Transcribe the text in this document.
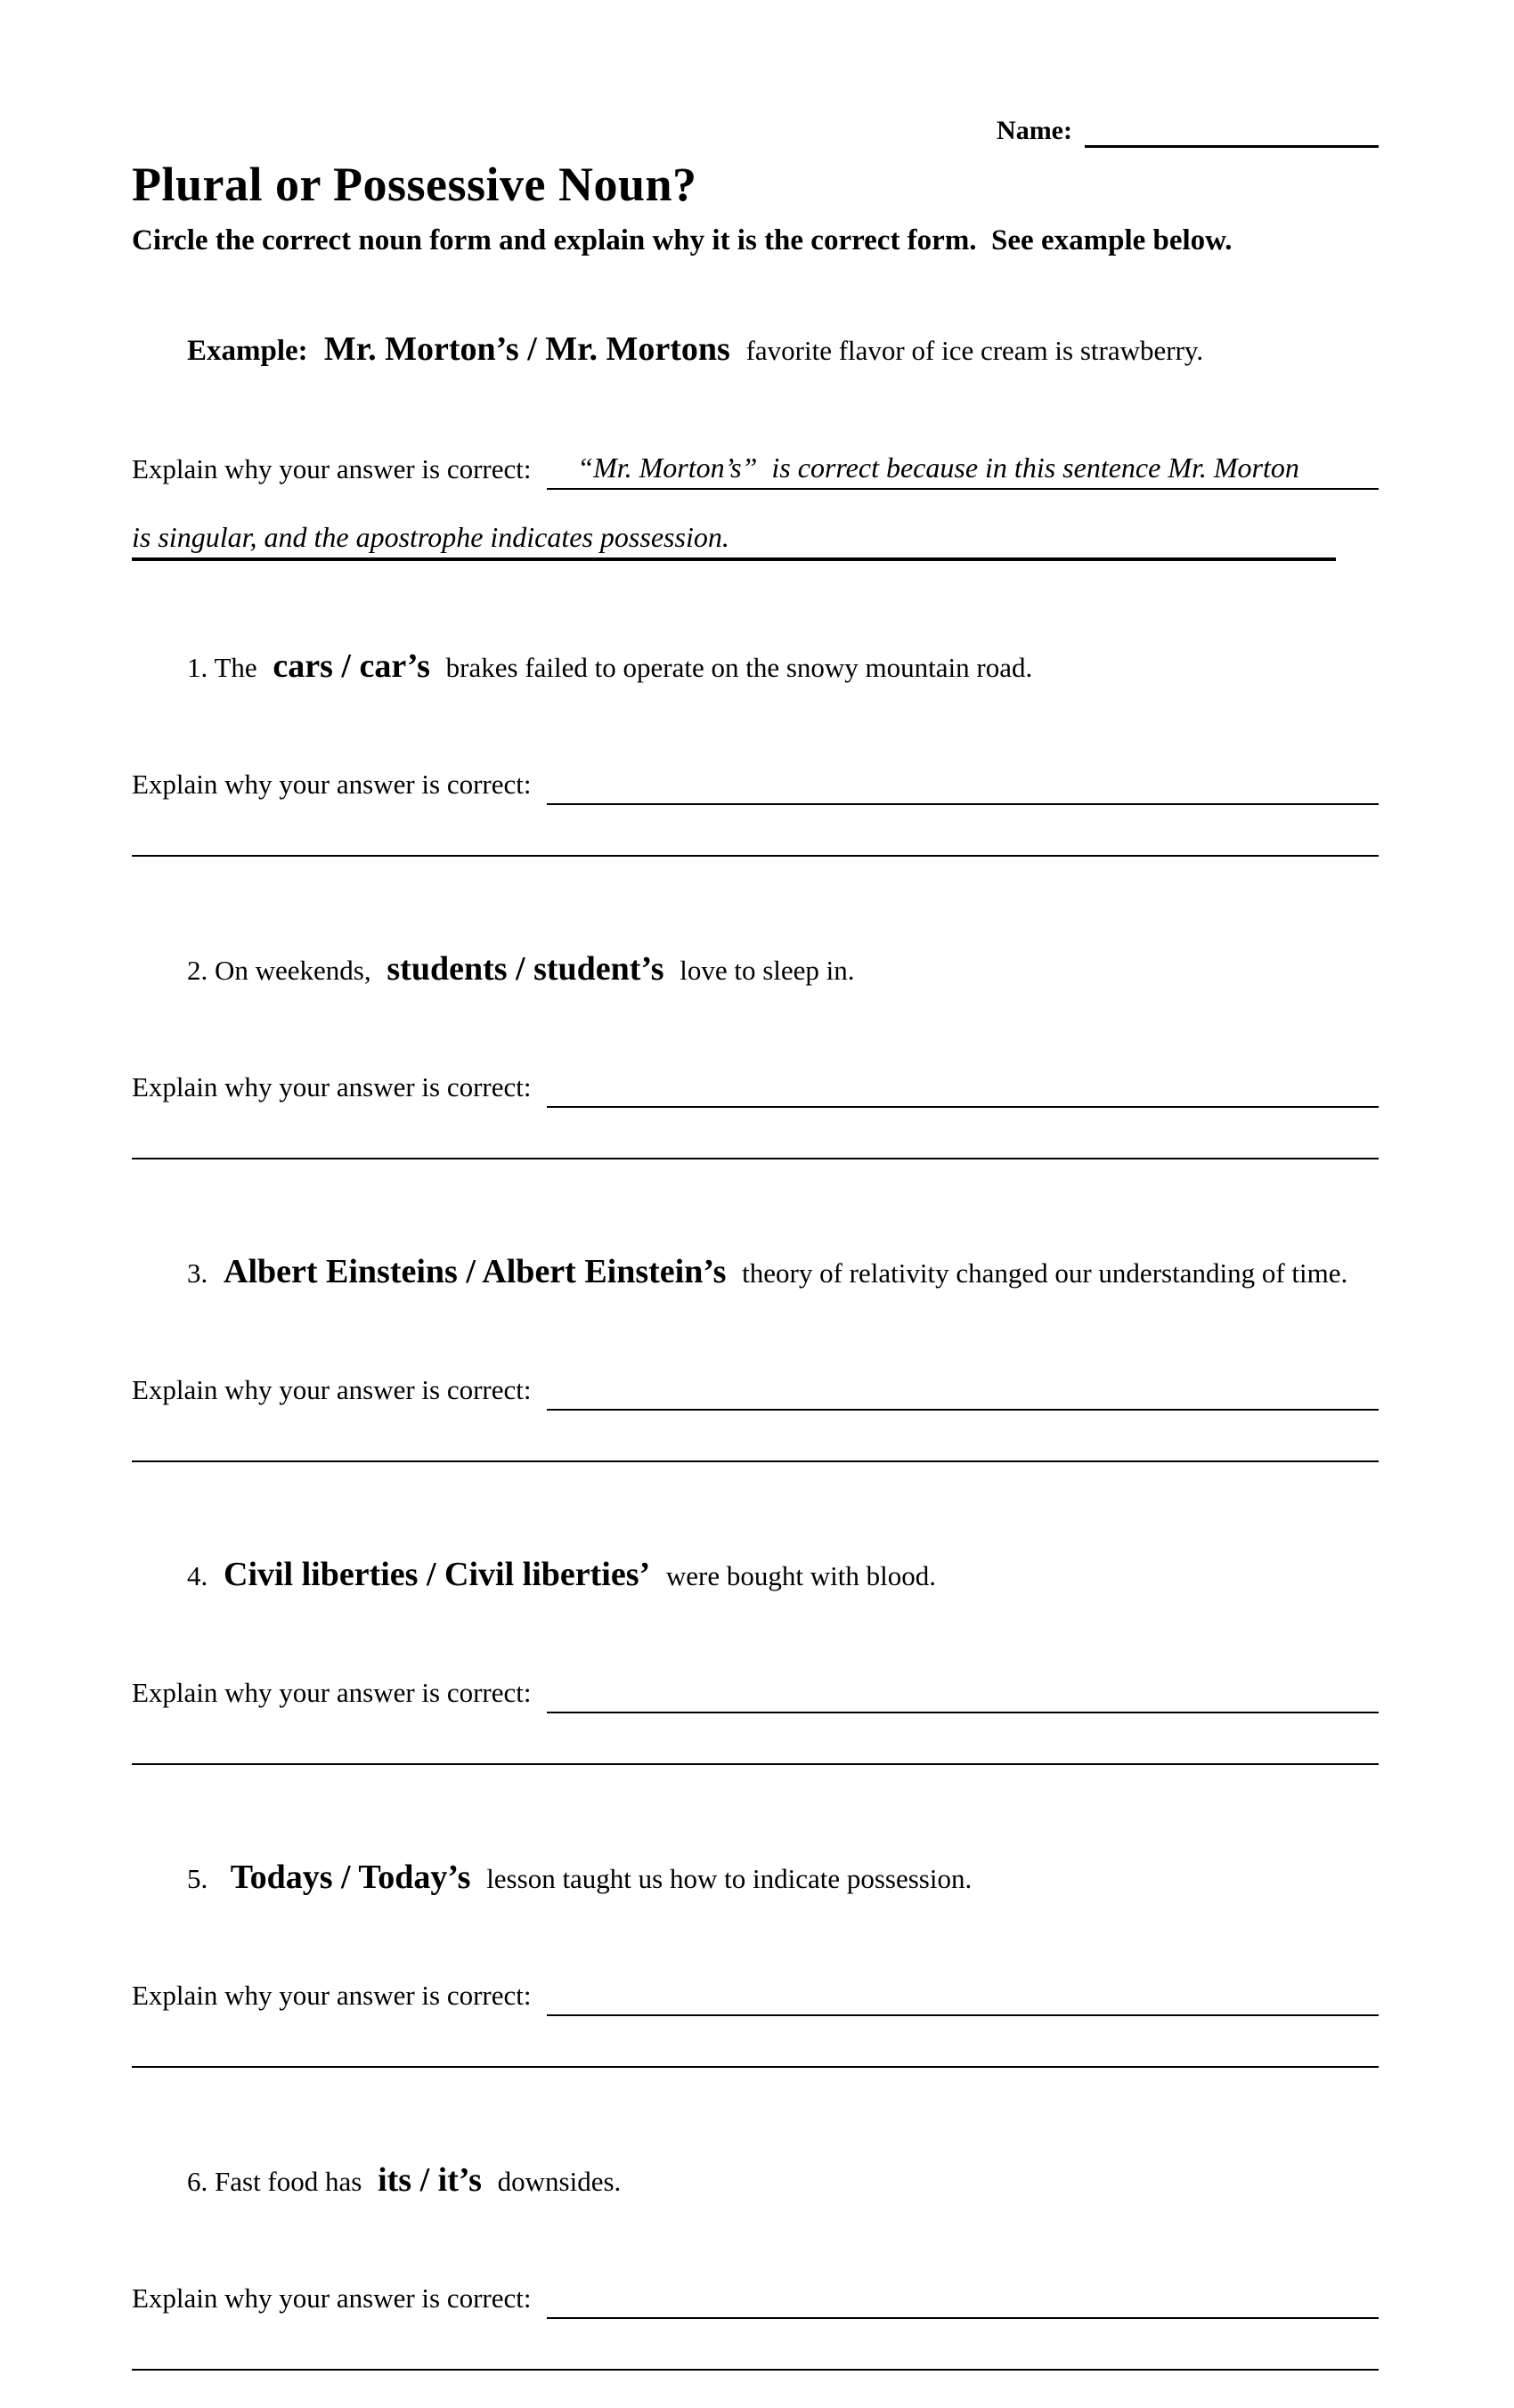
Name:
Plural or Possessive Noun?

Circle the correct noun form and explain why it is the correct form.  See example below.

Example: Mr. Morton’s / Mr. Mortons favorite flavor of ice cream is strawberry.

Explain why your answer is correct:	“Mr. Morton’s”  is correct because in this sentence Mr. Morton
is singular, and the apostrophe indicates possession.

1. The cars / car’s brakes failed to operate on the snowy mountain road.

Explain why your answer is correct:

2. On weekends, students / student’s love to sleep in.

Explain why your answer is correct:

3. Albert Einsteins / Albert Einstein’s theory of relativity changed our understanding of time.

Explain why your answer is correct:

4. Civil liberties / Civil liberties’ were bought with blood.

Explain why your answer is correct:

5.  Todays / Today’s lesson taught us how to indicate possession.

Explain why your answer is correct:

6. Fast food has its / it’s downsides.

Explain why your answer is correct:
